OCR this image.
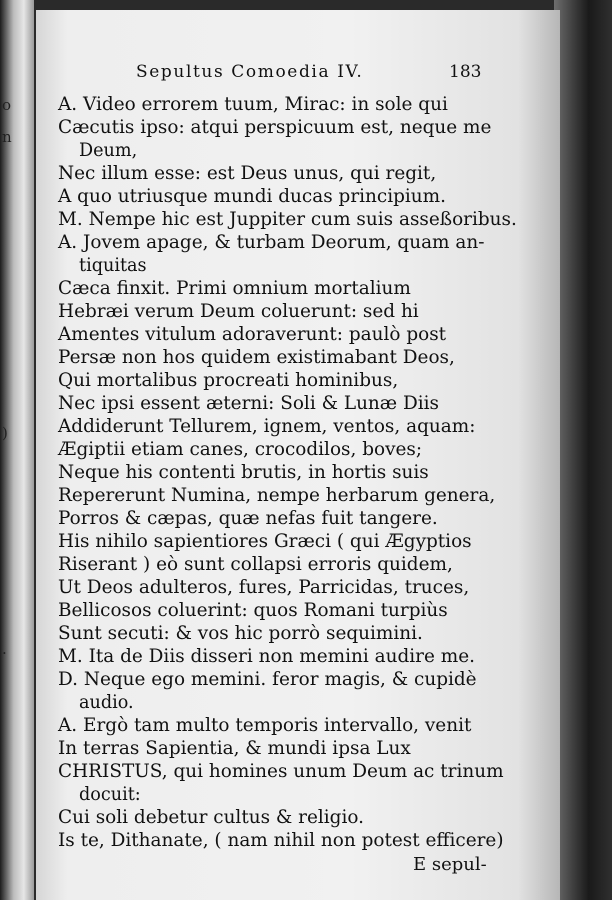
o
n
)
.
Sepultus Comoedia IV.	183
A. Video errorem tuum, Mirac: in sole qui
Cæcutis ipso: atqui perspicuum est, neque me
Deum,
Nec illum esse: est Deus unus, qui regit,
A quo utriusque mundi ducas principium.
M. Nempe hic est Juppiter cum suis asseßoribus.
A. Jovem apage, & turbam Deorum, quam an-
tiquitas
Cæca finxit. Primi omnium mortalium
Hebræi verum Deum coluerunt: sed hi
Amentes vitulum adoraverunt: paulò post
Persæ non hos quidem existimabant Deos,
Qui mortalibus procreati hominibus,
Nec ipsi essent æterni: Soli & Lunæ Diis
Addiderunt Tellurem, ignem, ventos, aquam:
Ægiptii etiam canes, crocodilos, boves;
Neque his contenti brutis, in hortis suis
Repererunt Numina, nempe herbarum genera,
Porros & cæpas, quæ nefas fuit tangere.
His nihilo sapientiores Græci ( qui Ægyptios
Riserant ) eò sunt collapsi erroris quidem,
Ut Deos adulteros, fures, Parricidas, truces,
Bellicosos coluerint: quos Romani turpiùs
Sunt secuti: & vos hic porrò sequimini.
M. Ita de Diis disseri non memini audire me.
D. Neque ego memini. feror magis, & cupidè
audio.
A. Ergò tam multo temporis intervallo, venit
In terras Sapientia, & mundi ipsa Lux
CHRISTUS, qui homines unum Deum ac trinum
docuit:
Cui soli debetur cultus & religio.
Is te, Dithanate, ( nam nihil non potest efficere)
E sepul-
